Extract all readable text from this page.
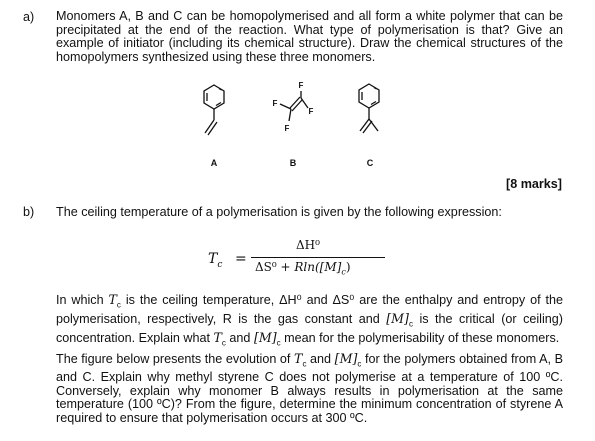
a) Monomers A, B and C can be homopolymerised and all form a white polymer that can be precipitated at the end of the reaction. What type of polymerisation is that? Give an example of initiator (including its chemical structure). Draw the chemical structures of the homopolymers synthesized using these three monomers.
F
F
F
F
A	B	C
[8 marks]
b) The ceiling temperature of a polymerisation is given by the following expression:
$T_c$ =
ΔH⁰
$\Delta S^0 + Rln([M]_c)$
In which $T_c$ is the ceiling temperature, ΔH⁰ and ΔS⁰ are the enthalpy and entropy of the polymerisation, respectively, R is the gas constant and $[M]_c$ is the critical (or ceiling) concentration. Explain what $T_c$ and $[M]_c$ mean for the polymerisability of these monomers.
The figure below presents the evolution of $T_c$ and $[M]_c$ for the polymers obtained from A, B and C. Explain why methyl styrene C does not polymerise at a temperature of 100 ºC. Conversely, explain why monomer B always results in polymerisation at the same temperature (100 ºC)? From the figure, determine the minimum concentration of styrene A required to ensure that polymerisation occurs at 300 ºC.
